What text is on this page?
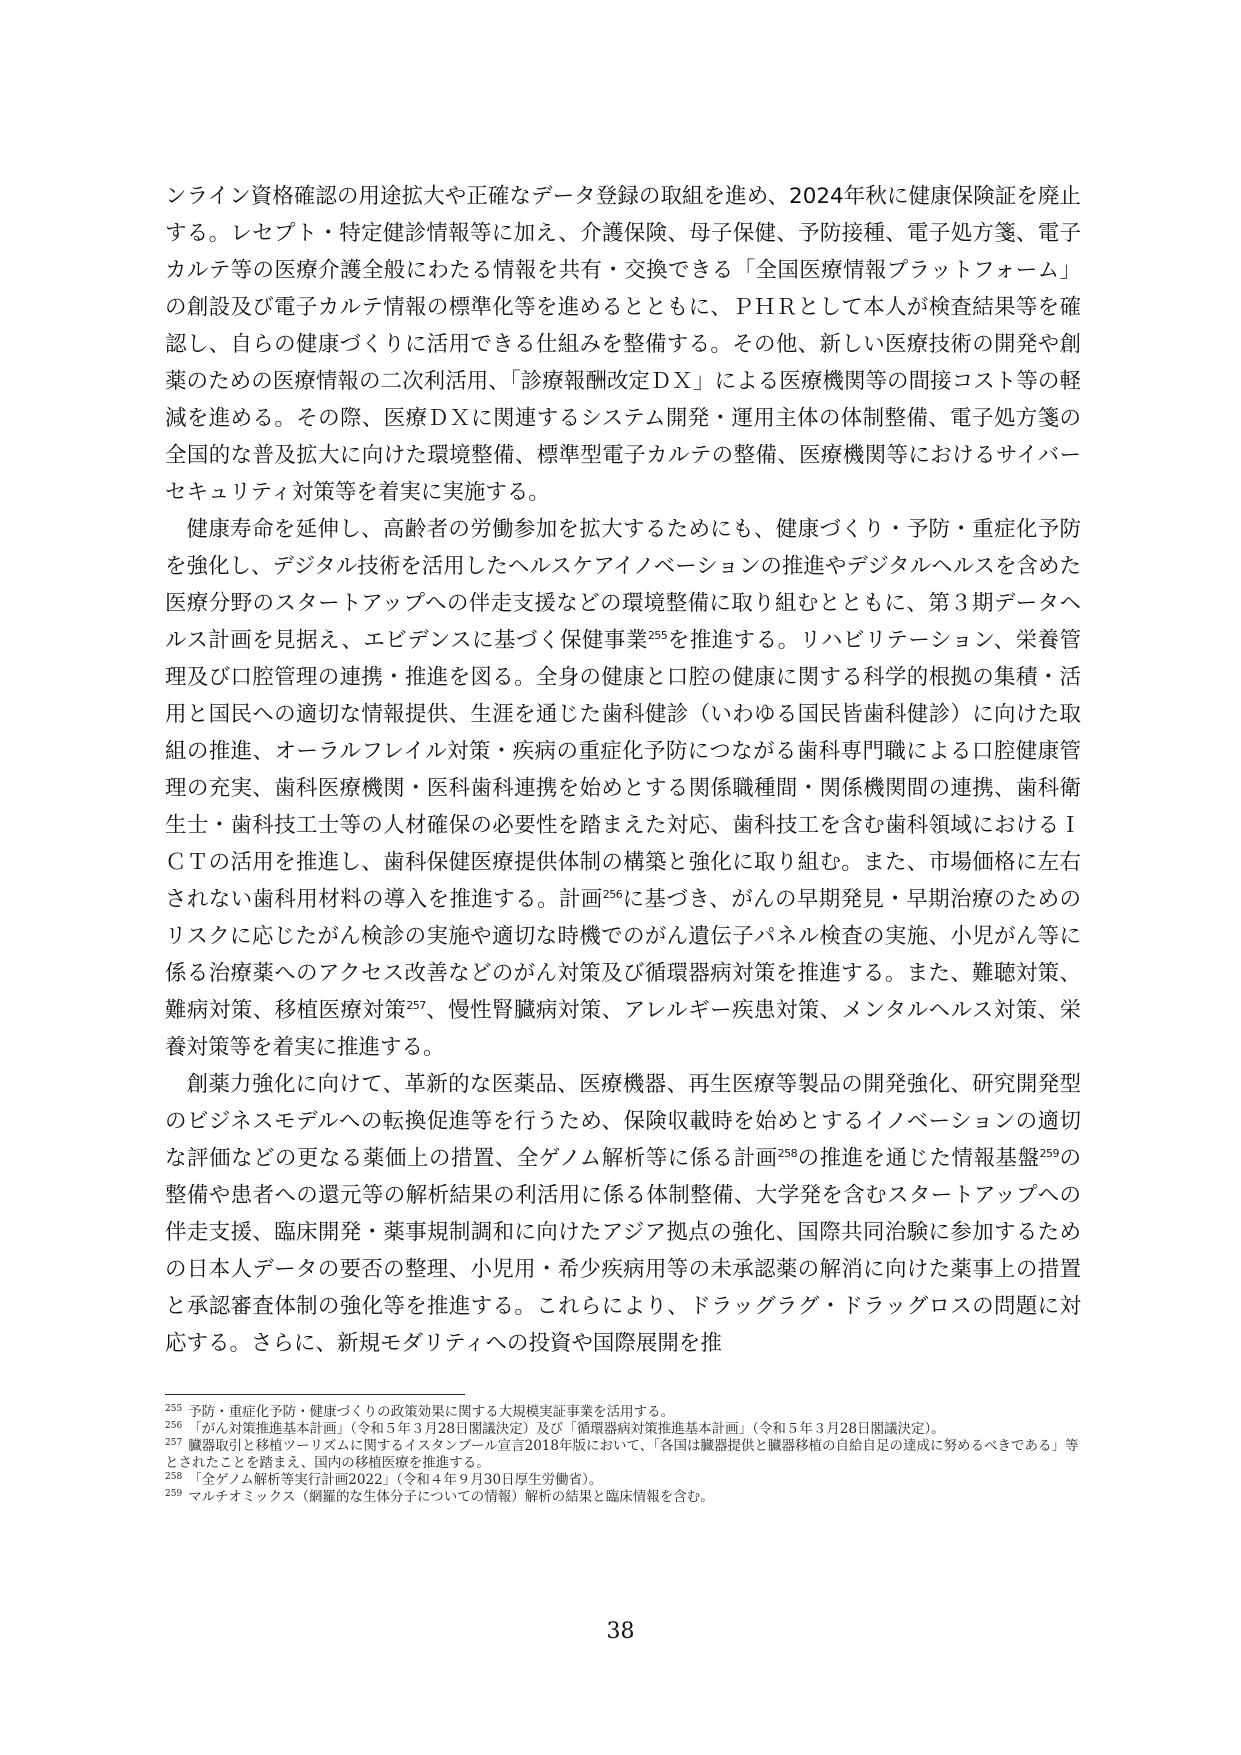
ンライン資格確認の用途拡大や正確なデータ登録の取組を進め、2024年秋に健康保険証を廃止する。レセプト・特定健診情報等に加え、介護保険、母子保健、予防接種、電子処方箋、電子カルテ等の医療介護全般にわたる情報を共有・交換できる「全国医療情報プラットフォーム」の創設及び電子カルテ情報の標準化等を進めるとともに、ＰＨＲとして本人が検査結果等を確認し、自らの健康づくりに活用できる仕組みを整備する。その他、新しい医療技術の開発や創薬のための医療情報の二次利活用、「診療報酬改定ＤＸ」による医療機関等の間接コスト等の軽減を進める。その際、医療ＤＸに関連するシステム開発・運用主体の体制整備、電子処方箋の全国的な普及拡大に向けた環境整備、標準型電子カルテの整備、医療機関等におけるサイバーセキュリティ対策等を着実に実施する。

健康寿命を延伸し、高齢者の労働参加を拡大するためにも、健康づくり・予防・重症化予防を強化し、デジタル技術を活用したヘルスケアイノベーションの推進やデジタルヘルスを含めた医療分野のスタートアップへの伴走支援などの環境整備に取り組むとともに、第３期データヘルス計画を見据え、エビデンスに基づく保健事業$^{255}$を推進する。リハビリテーション、栄養管理及び口腔管理の連携・推進を図る。全身の健康と口腔の健康に関する科学的根拠の集積・活用と国民への適切な情報提供、生涯を通じた歯科健診（いわゆる国民皆歯科健診）に向けた取組の推進、オーラルフレイル対策・疾病の重症化予防につながる歯科専門職による口腔健康管理の充実、歯科医療機関・医科歯科連携を始めとする関係職種間・関係機関間の連携、歯科衛生士・歯科技工士等の人材確保の必要性を踏まえた対応、歯科技工を含む歯科領域におけるＩＣＴの活用を推進し、歯科保健医療提供体制の構築と強化に取り組む。また、市場価格に左右されない歯科用材料の導入を推進する。計画$^{256}$に基づき、がんの早期発見・早期治療のためのリスクに応じたがん検診の実施や適切な時機でのがん遺伝子パネル検査の実施、小児がん等に係る治療薬へのアクセス改善などのがん対策及び循環器病対策を推進する。また、難聴対策、難病対策、移植医療対策$^{257}$、慢性腎臓病対策、アレルギー疾患対策、メンタルヘルス対策、栄養対策等を着実に推進する。

創薬力強化に向けて、革新的な医薬品、医療機器、再生医療等製品の開発強化、研究開発型のビジネスモデルへの転換促進等を行うため、保険収載時を始めとするイノベーションの適切な評価などの更なる薬価上の措置、全ゲノム解析等に係る計画$^{258}$の推進を通じた情報基盤$^{259}$の整備や患者への還元等の解析結果の利活用に係る体制整備、大学発を含むスタートアップへの伴走支援、臨床開発・薬事規制調和に向けたアジア拠点の強化、国際共同治験に参加するための日本人データの要否の整理、小児用・希少疾病用等の未承認薬の解消に向けた薬事上の措置と承認審査体制の強化等を推進する。これらにより、ドラッグラグ・ドラッグロスの問題に対応する。さらに、新規モダリティへの投資や国際展開を推

$^{255}$ 予防・重症化予防・健康づくりの政策効果に関する大規模実証事業を活用する。

$^{256}$ 「がん対策推進基本計画」（令和５年３月28日閣議決定）及び「循環器病対策推進基本計画」（令和５年３月28日閣議決定）。

$^{257}$ 臓器取引と移植ツーリズムに関するイスタンブール宣言2018年版において、「各国は臓器提供と臓器移植の自給自足の達成に努めるべきである」等とされたことを踏まえ、国内の移植医療を推進する。

$^{258}$ 「全ゲノム解析等実行計画2022」（令和４年９月30日厚生労働省）。

$^{259}$ マルチオミックス（網羅的な生体分子についての情報）解析の結果と臨床情報を含む。

38
